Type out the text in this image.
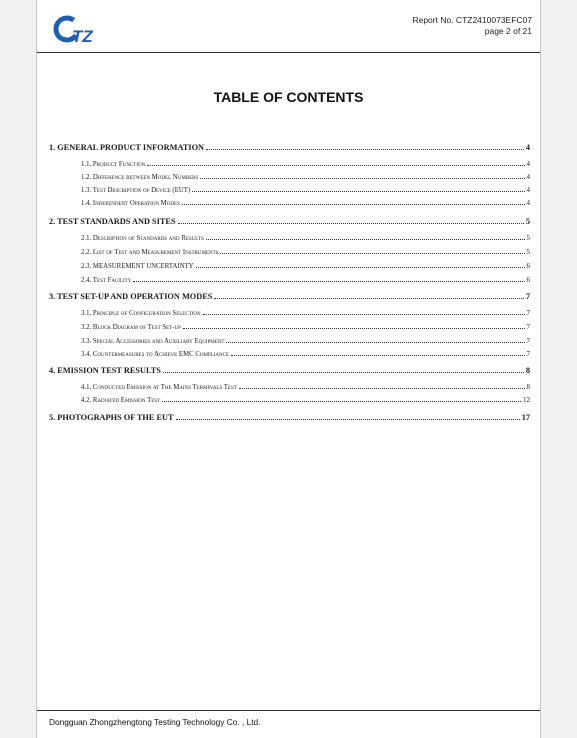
TZ
Report No. CTZ2410073EFC07
page 2 of 21
TABLE OF CONTENTS
1. GENERAL PRODUCT INFORMATION	4
1.1. Product Function	4
1.2. Difference between Model Numbers	4
1.3. Test Description of Device (EUT)	4
1.4. Independent Operation Modes	4
2. TEST STANDARDS AND SITES	5
2.1. Description of Standards and Results	5
2.2. List of Test and Measurement Instruments	5
2.3. MEASUREMENT UNCERTAINTY	6
2.4. Test Facility	6
3. TEST SET-UP AND OPERATION MODES	7
3.1. Principle of Configuration Selection	7
3.2. Block Diagram of Test Set-up	7
3.3. Special Accessories and Auxiliary Equipment	7
3.4. Countermeasures to Achieve EMC Compliance	7
4. EMISSION TEST RESULTS	8
4.1. Conducted Emission at The Mains Terminals Test	8
4.2. Radiated Emission Test	12
5. PHOTOGRAPHS OF THE EUT	17
Dongguan Zhongzhengtong Testing Technology Co. , Ltd.
